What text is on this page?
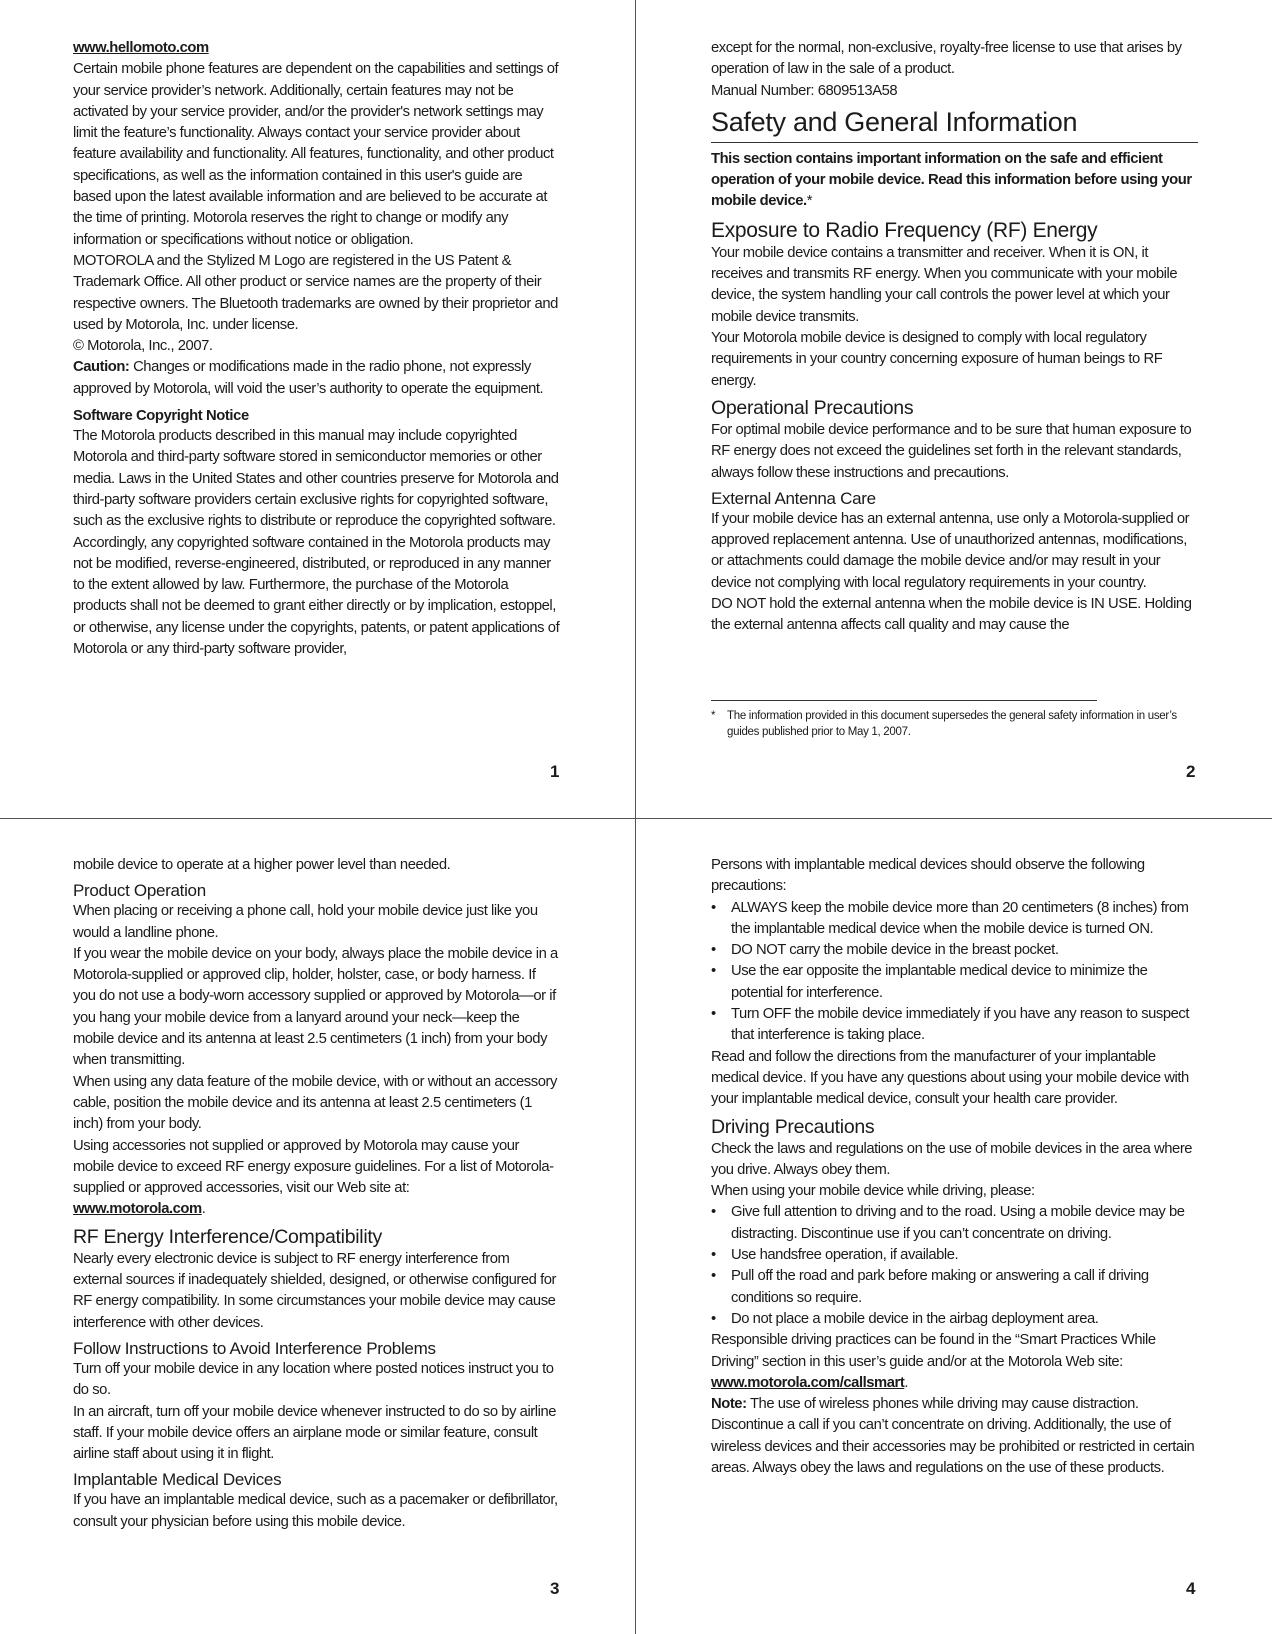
www.hellomoto.com

Certain mobile phone features are dependent on the capabilities and settings of your service provider’s network. Additionally, certain features may not be activated by your service provider, and/or the provider's network settings may limit the feature’s functionality. Always contact your service provider about feature availability and functionality. All features, functionality, and other product specifications, as well as the information contained in this user's guide are based upon the latest available information and are believed to be accurate at the time of printing. Motorola reserves the right to change or modify any information or specifications without notice or obligation.

MOTOROLA and the Stylized M Logo are registered in the US Patent & Trademark Office. All other product or service names are the property of their respective owners. The Bluetooth trademarks are owned by their proprietor and used by Motorola, Inc. under license.

© Motorola, Inc., 2007.

Caution: Changes or modifications made in the radio phone, not expressly approved by Motorola, will void the user’s authority to operate the equipment.

Software Copyright Notice

The Motorola products described in this manual may include copyrighted Motorola and third-party software stored in semiconductor memories or other media. Laws in the United States and other countries preserve for Motorola and third-party software providers certain exclusive rights for copyrighted software, such as the exclusive rights to distribute or reproduce the copyrighted software. Accordingly, any copyrighted software contained in the Motorola products may not be modified, reverse-engineered, distributed, or reproduced in any manner to the extent allowed by law. Furthermore, the purchase of the Motorola products shall not be deemed to grant either directly or by implication, estoppel, or otherwise, any license under the copyrights, patents, or patent applications of Motorola or any third-party software provider,

1

except for the normal, non-exclusive, royalty-free license to use that arises by operation of law in the sale of a product.

Manual Number: 6809513A58

Safety and General Information

This section contains important information on the safe and efficient operation of your mobile device. Read this information before using your mobile device.*

Exposure to Radio Frequency (RF) Energy

Your mobile device contains a transmitter and receiver. When it is ON, it receives and transmits RF energy. When you communicate with your mobile device, the system handling your call controls the power level at which your mobile device transmits.

Your Motorola mobile device is designed to comply with local regulatory requirements in your country concerning exposure of human beings to RF energy.

Operational Precautions

For optimal mobile device performance and to be sure that human exposure to RF energy does not exceed the guidelines set forth in the relevant standards, always follow these instructions and precautions.

External Antenna Care

If your mobile device has an external antenna, use only a Motorola-supplied or approved replacement antenna. Use of unauthorized antennas, modifications, or attachments could damage the mobile device and/or may result in your device not complying with local regulatory requirements in your country.

DO NOT hold the external antenna when the mobile device is IN USE. Holding the external antenna affects call quality and may cause the

*	The information provided in this document supersedes the general safety information in user’s guides published prior to May 1, 2007.
2

mobile device to operate at a higher power level than needed.

Product Operation

When placing or receiving a phone call, hold your mobile device just like you would a landline phone.

If you wear the mobile device on your body, always place the mobile device in a Motorola-supplied or approved clip, holder, holster, case, or body harness. If you do not use a body-worn accessory supplied or approved by Motorola—or if you hang your mobile device from a lanyard around your neck—keep the mobile device and its antenna at least 2.5 centimeters (1 inch) from your body when transmitting.

When using any data feature of the mobile device, with or without an accessory cable, position the mobile device and its antenna at least 2.5 centimeters (1 inch) from your body.

Using accessories not supplied or approved by Motorola may cause your mobile device to exceed RF energy exposure guidelines. For a list of Motorola-supplied or approved accessories, visit our Web site at:

www.motorola.com.

RF Energy Interference/Compatibility

Nearly every electronic device is subject to RF energy interference from external sources if inadequately shielded, designed, or otherwise configured for RF energy compatibility. In some circumstances your mobile device may cause interference with other devices.

Follow Instructions to Avoid Interference Problems

Turn off your mobile device in any location where posted notices instruct you to do so.

In an aircraft, turn off your mobile device whenever instructed to do so by airline staff. If your mobile device offers an airplane mode or similar feature, consult airline staff about using it in flight.

Implantable Medical Devices

If you have an implantable medical device, such as a pacemaker or defibrillator, consult your physician before using this mobile device.

3

Persons with implantable medical devices should observe the following precautions:

• ALWAYS keep the mobile device more than 20 centimeters (8 inches) from the implantable medical device when the mobile device is turned ON.
• DO NOT carry the mobile device in the breast pocket.
• Use the ear opposite the implantable medical device to minimize the potential for interference.
• Turn OFF the mobile device immediately if you have any reason to suspect that interference is taking place.

Read and follow the directions from the manufacturer of your implantable medical device. If you have any questions about using your mobile device with your implantable medical device, consult your health care provider.

Driving Precautions

Check the laws and regulations on the use of mobile devices in the area where you drive. Always obey them.

When using your mobile device while driving, please:

• Give full attention to driving and to the road. Using a mobile device may be distracting. Discontinue use if you can’t concentrate on driving.
• Use handsfree operation, if available.
• Pull off the road and park before making or answering a call if driving conditions so require.
• Do not place a mobile device in the airbag deployment area.

Responsible driving practices can be found in the “Smart Practices While Driving” section in this user’s guide and/or at the Motorola Web site:

www.motorola.com/callsmart.

Note: The use of wireless phones while driving may cause distraction. Discontinue a call if you can’t concentrate on driving. Additionally, the use of wireless devices and their accessories may be prohibited or restricted in certain areas. Always obey the laws and regulations on the use of these products.

4
